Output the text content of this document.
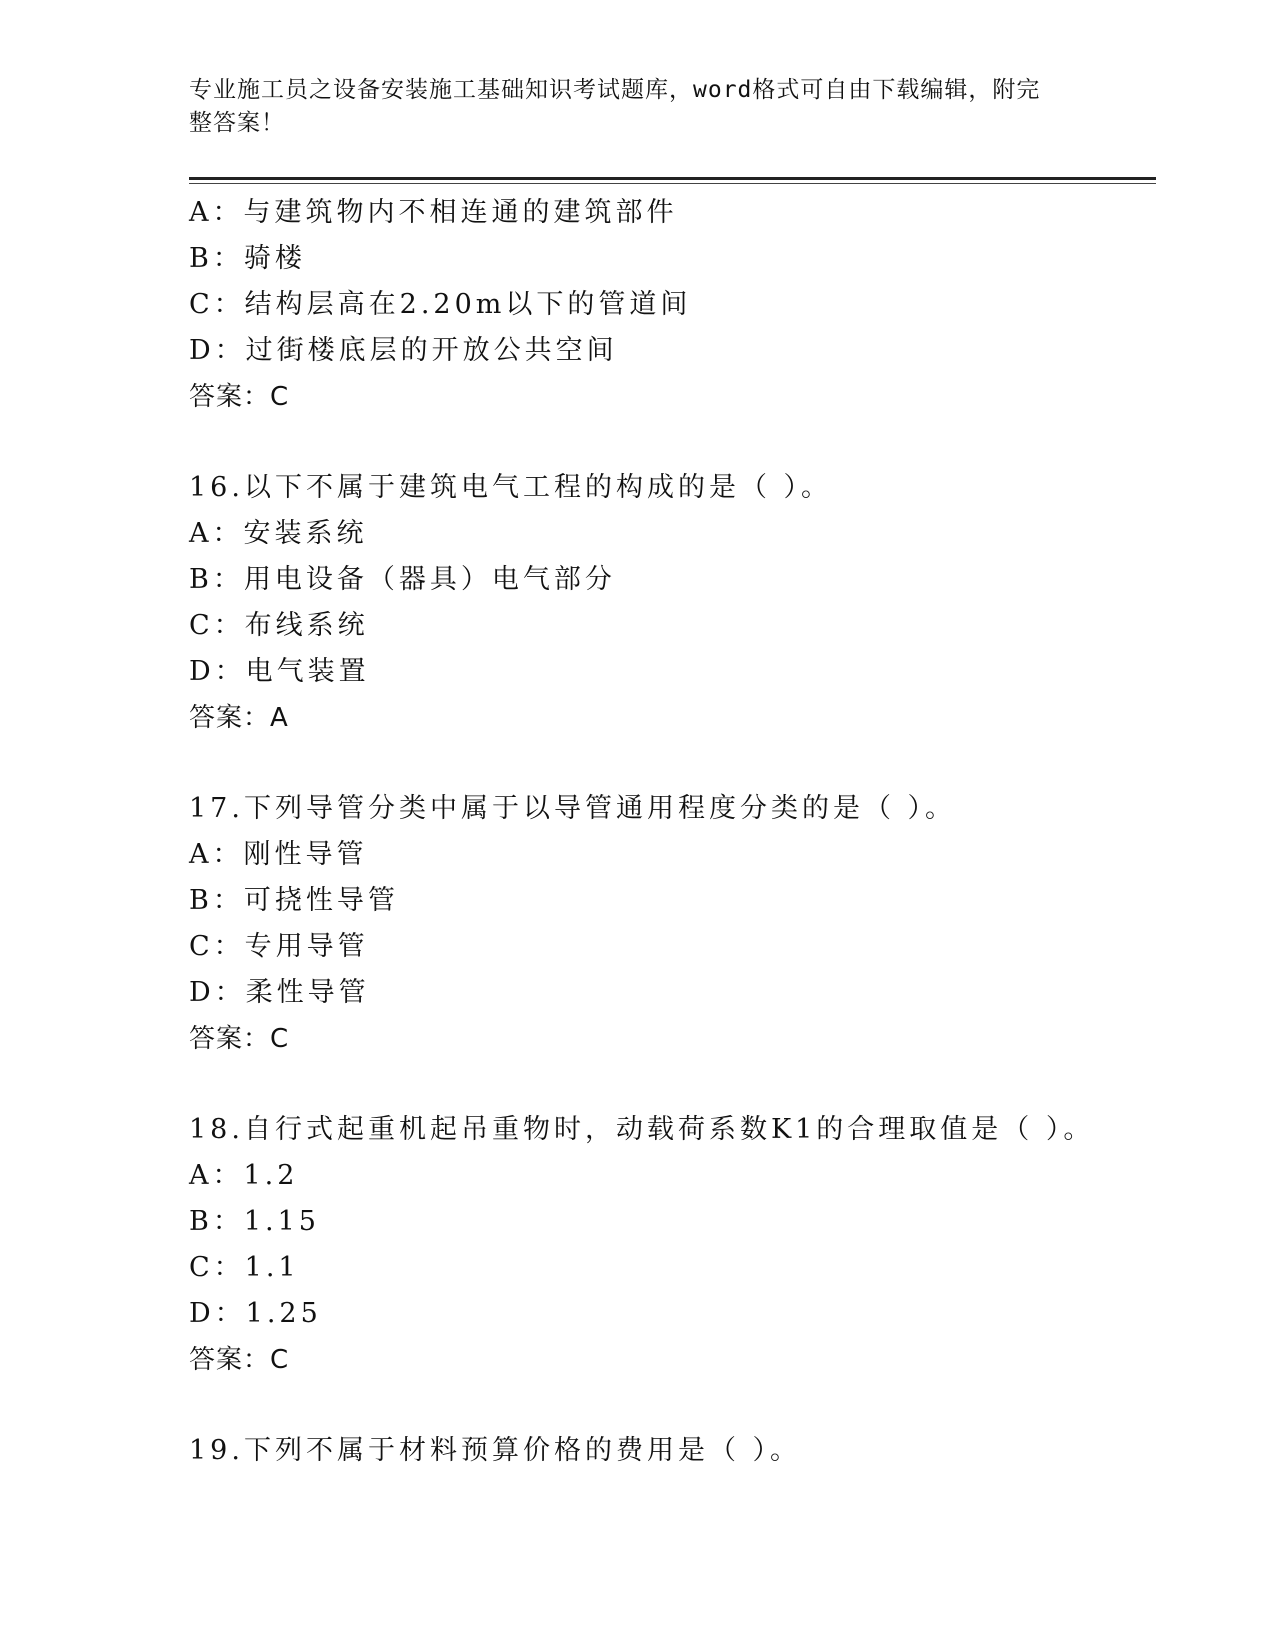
专业施工员之设备安装施工基础知识考试题库，word格式可自由下载编辑，附完
整答案！
A：与建筑物内不相连通的建筑部件
B：骑楼
C：结构层高在2.20m以下的管道间
D：过街楼底层的开放公共空间
答案：C
16.以下不属于建筑电气工程的构成的是（ ）。
A：安装系统
B：用电设备（器具）电气部分
C：布线系统
D：电气装置
答案：A
17.下列导管分类中属于以导管通用程度分类的是（ ）。
A：刚性导管
B：可挠性导管
C：专用导管
D：柔性导管
答案：C
18.自行式起重机起吊重物时，动载荷系数K1的合理取值是（ ）。
A：1.2
B：1.15
C：1.1
D：1.25
答案：C
19.下列不属于材料预算价格的费用是（ ）。
